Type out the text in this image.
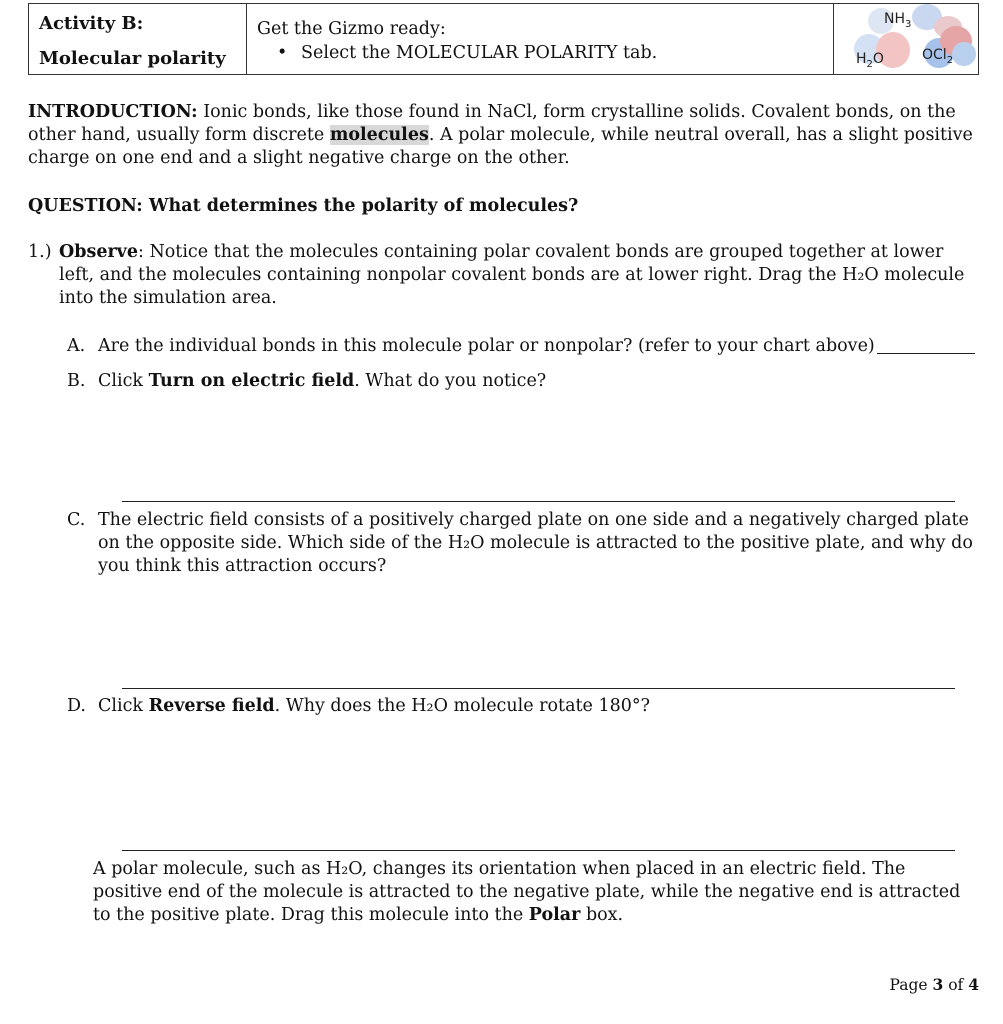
Activity B:
Molecular polarity

Get the Gizmo ready:
• Select the MOLECULAR POLARITY tab.

$NH_3$
$H_2O$	OCl$_2$
INTRODUCTION: Ionic bonds, like those found in NaCl, form crystalline solids. Covalent bonds, on the other hand, usually form discrete molecules. A polar molecule, while neutral overall, has a slight positive charge on one end and a slight negative charge on the other.
QUESTION: What determines the polarity of molecules?
1.) Observe: Notice that the molecules containing polar covalent bonds are grouped together at lower left, and the molecules containing nonpolar covalent bonds are at lower right. Drag the H₂O molecule into the simulation area.
A. Are the individual bonds in this molecule polar or nonpolar? (refer to your chart above)
B. Click Turn on electric field. What do you notice?
C. The electric field consists of a positively charged plate on one side and a negatively charged plate on the opposite side. Which side of the H₂O molecule is attracted to the positive plate, and why do you think this attraction occurs?
D. Click Reverse field. Why does the H₂O molecule rotate 180°?
A polar molecule, such as H₂O, changes its orientation when placed in an electric field. The positive end of the molecule is attracted to the negative plate, while the negative end is attracted to the positive plate. Drag this molecule into the Polar box.
Page 3 of 4
